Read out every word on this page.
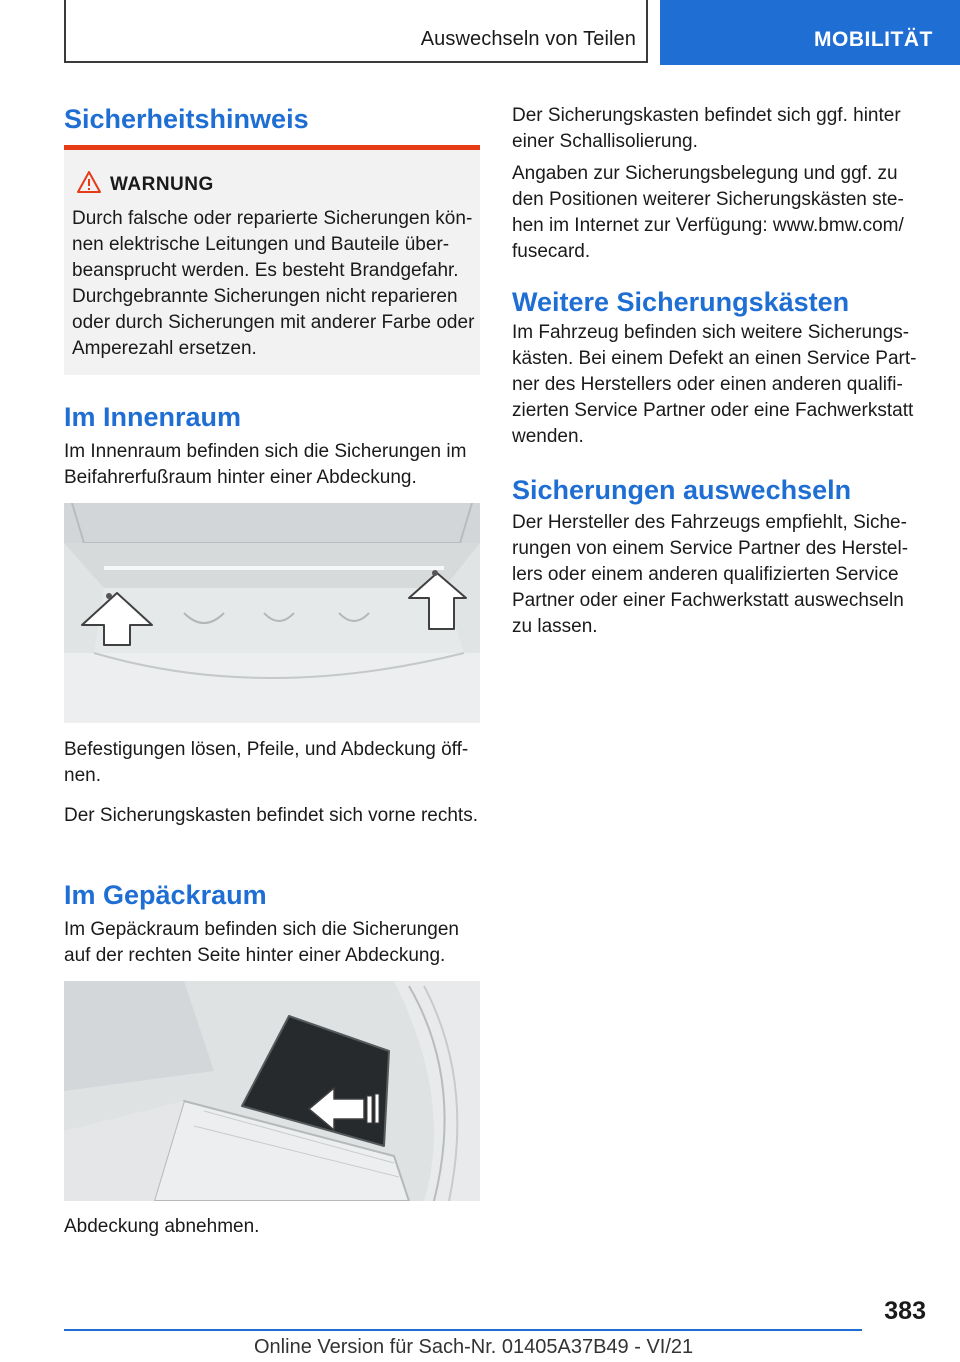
Auswechseln von Teilen	MOBILITÄT
Sicherheitshinweis
WARNUNG
Durch falsche oder reparierte Sicherungen kön-nen elektrische Leitungen und Bauteile über-beansprucht werden. Es besteht Brandgefahr. Durchgebrannte Sicherungen nicht reparieren oder durch Sicherungen mit anderer Farbe oder Amperezahl ersetzen.
Im Innenraum

Im Innenraum befinden sich die Sicherungen im Beifahrerfußraum hinter einer Abdeckung.

Befestigungen lösen, Pfeile, und Abdeckung öff-nen.

Der Sicherungskasten befindet sich vorne rechts.

Im Gepäckraum

Im Gepäckraum befinden sich die Sicherungen auf der rechten Seite hinter einer Abdeckung.

Abdeckung abnehmen.

Der Sicherungskasten befindet sich ggf. hinter einer Schallisolierung.

Angaben zur Sicherungsbelegung und ggf. zu den Positionen weiterer Sicherungskästen ste-hen im Internet zur Verfügung: www.bmw.com/ fusecard.

Weitere Sicherungskästen

Im Fahrzeug befinden sich weitere Sicherungs-kästen. Bei einem Defekt an einen Service Part-ner des Herstellers oder einen anderen qualifi-zierten Service Partner oder eine Fachwerkstatt wenden.

Sicherungen auswechseln

Der Hersteller des Fahrzeugs empfiehlt, Siche-rungen von einem Service Partner des Herstel-lers oder einem anderen qualifizierten Service Partner oder einer Fachwerkstatt auswechseln zu lassen.

383
Online Version für Sach-Nr. 01405A37B49 - VI/21
